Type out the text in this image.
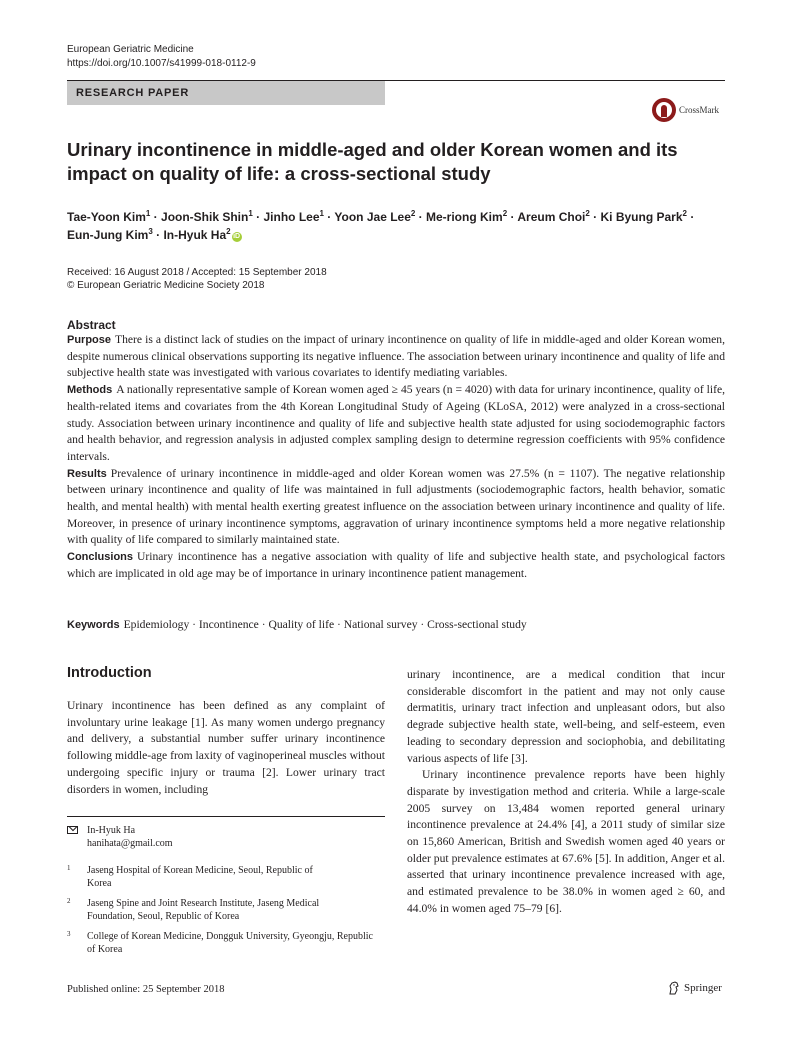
European Geriatric Medicine
https://doi.org/10.1007/s41999-018-0112-9
RESEARCH PAPER
CrossMark
Urinary incontinence in middle-aged and older Korean women and its impact on quality of life: a cross-sectional study
Tae-Yoon Kim$^1$ · Joon-Shik Shin$^1$ · Jinho Lee$^1$ · Yoon Jae Lee$^2$ · Me-riong Kim$^2$ · Areum Choi$^2$ · Ki Byung Park$^2$ ·
Eun-Jung Kim$^3$ · In-Hyuk Ha$^2$iD
Received: 16 August 2018 / Accepted: 15 September 2018
© European Geriatric Medicine Society 2018
Abstract

Purpose There is a distinct lack of studies on the impact of urinary incontinence on quality of life in middle-aged and older Korean women, despite numerous clinical observations supporting its negative influence. The association between urinary incontinence and quality of life and subjective health state was investigated with various covariates to identify mediating variables.

Methods A nationally representative sample of Korean women aged ≥ 45 years (n = 4020) with data for urinary incontinence, quality of life, health-related items and covariates from the 4th Korean Longitudinal Study of Ageing (KLoSA, 2012) were analyzed in a cross-sectional study. Association between urinary incontinence and quality of life and subjective health state adjusted for using sociodemographic factors and health behavior, and regression analysis in adjusted complex sampling design to determine regression coefficients with 95% confidence intervals.

Results Prevalence of urinary incontinence in middle-aged and older Korean women was 27.5% (n = 1107). The negative relationship between urinary incontinence and quality of life was maintained in full adjustments (sociodemographic factors, health behavior, somatic health, and mental health) with mental health exerting greatest influence on the association between urinary incontinence and quality of life. Moreover, in presence of urinary incontinence symptoms, aggravation of urinary incontinence symptoms held a more negative relationship with quality of life compared to similarly maintained state.

Conclusions Urinary incontinence has a negative association with quality of life and subjective health state, and psychological factors which are implicated in old age may be of importance in urinary incontinence patient management.

Keywords Epidemiology · Incontinence · Quality of life · National survey · Cross-sectional study
Introduction

Urinary incontinence has been defined as any complaint of involuntary urine leakage [1]. As many women undergo pregnancy and delivery, a substantial number suffer urinary incontinence following middle-age from laxity of vaginoperineal muscles without undergoing specific injury or trauma [2]. Lower urinary tract disorders in women, including

urinary incontinence, are a medical condition that incur considerable discomfort in the patient and may not only cause dermatitis, urinary tract infection and unpleasant odors, but also degrade subjective health state, well-being, and self-esteem, even leading to secondary depression and sociophobia, and debilitating various aspects of life [3].

Urinary incontinence prevalence reports have been highly disparate by investigation method and criteria. While a large-scale 2005 survey on 13,484 women reported general urinary incontinence prevalence at 24.4% [4], a 2011 study of similar size on 15,860 American, British and Swedish women aged 40 years or older put prevalence estimates at 67.6% [5]. In addition, Anger et al. asserted that urinary incontinence prevalence increased with age, and estimated prevalence to be 38.0% in women aged ≥ 60, and 44.0% in women aged 75–79 [6].

In-Hyuk Ha
hanihata@gmail.com
1 Jaseng Hospital of Korean Medicine, Seoul, Republic of Korea
2 Jaseng Spine and Joint Research Institute, Jaseng Medical Foundation, Seoul, Republic of Korea
3 College of Korean Medicine, Dongguk University, Gyeongju, Republic of Korea
Published online: 25 September 2018	Springer
